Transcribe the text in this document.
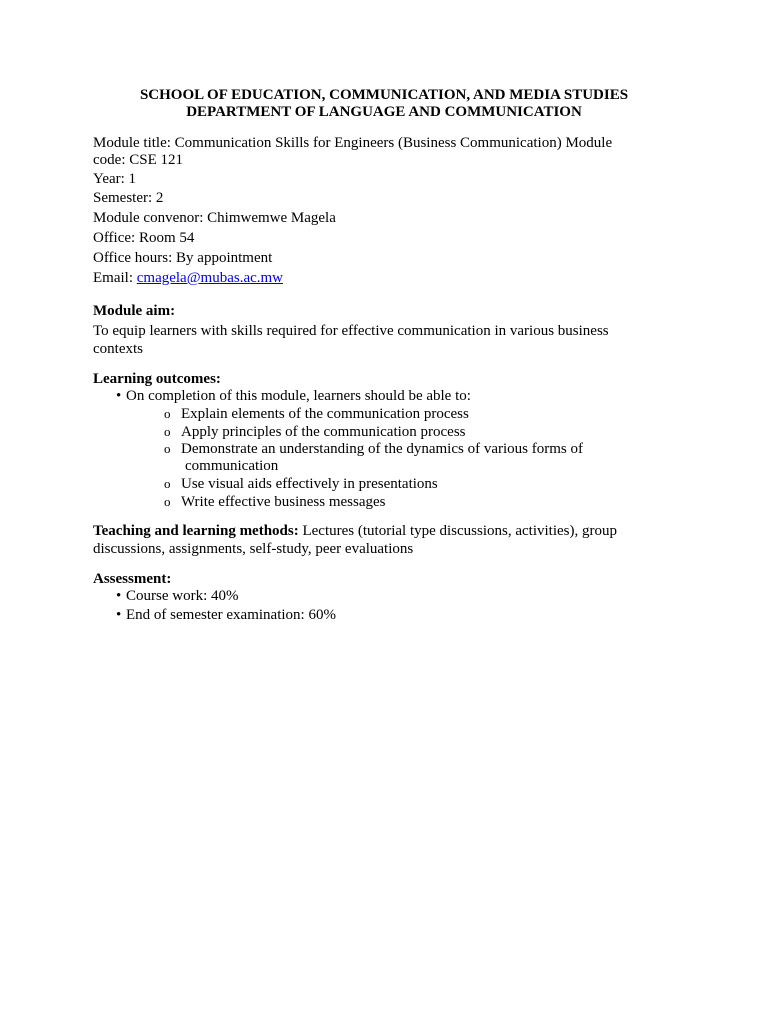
SCHOOL OF EDUCATION, COMMUNICATION, AND MEDIA STUDIES
DEPARTMENT OF LANGUAGE AND COMMUNICATION
Module title: Communication Skills for Engineers (Business Communication) Module
code: CSE 121
Year: 1
Semester: 2
Module convenor: Chimwemwe Magela
Office: Room 54
Office hours: By appointment
Email: cmagela@mubas.ac.mw
Module aim:
To equip learners with skills required for effective communication in various business
contexts
Learning outcomes:
• On completion of this module, learners should be able to:
o Explain elements of the communication process
o Apply principles of the communication process
o Demonstrate an understanding of the dynamics of various forms of
communication
o Use visual aids effectively in presentations
o Write effective business messages
Teaching and learning methods: Lectures (tutorial type discussions, activities), group
discussions, assignments, self-study, peer evaluations
Assessment:
• Course work: 40%
• End of semester examination: 60%
